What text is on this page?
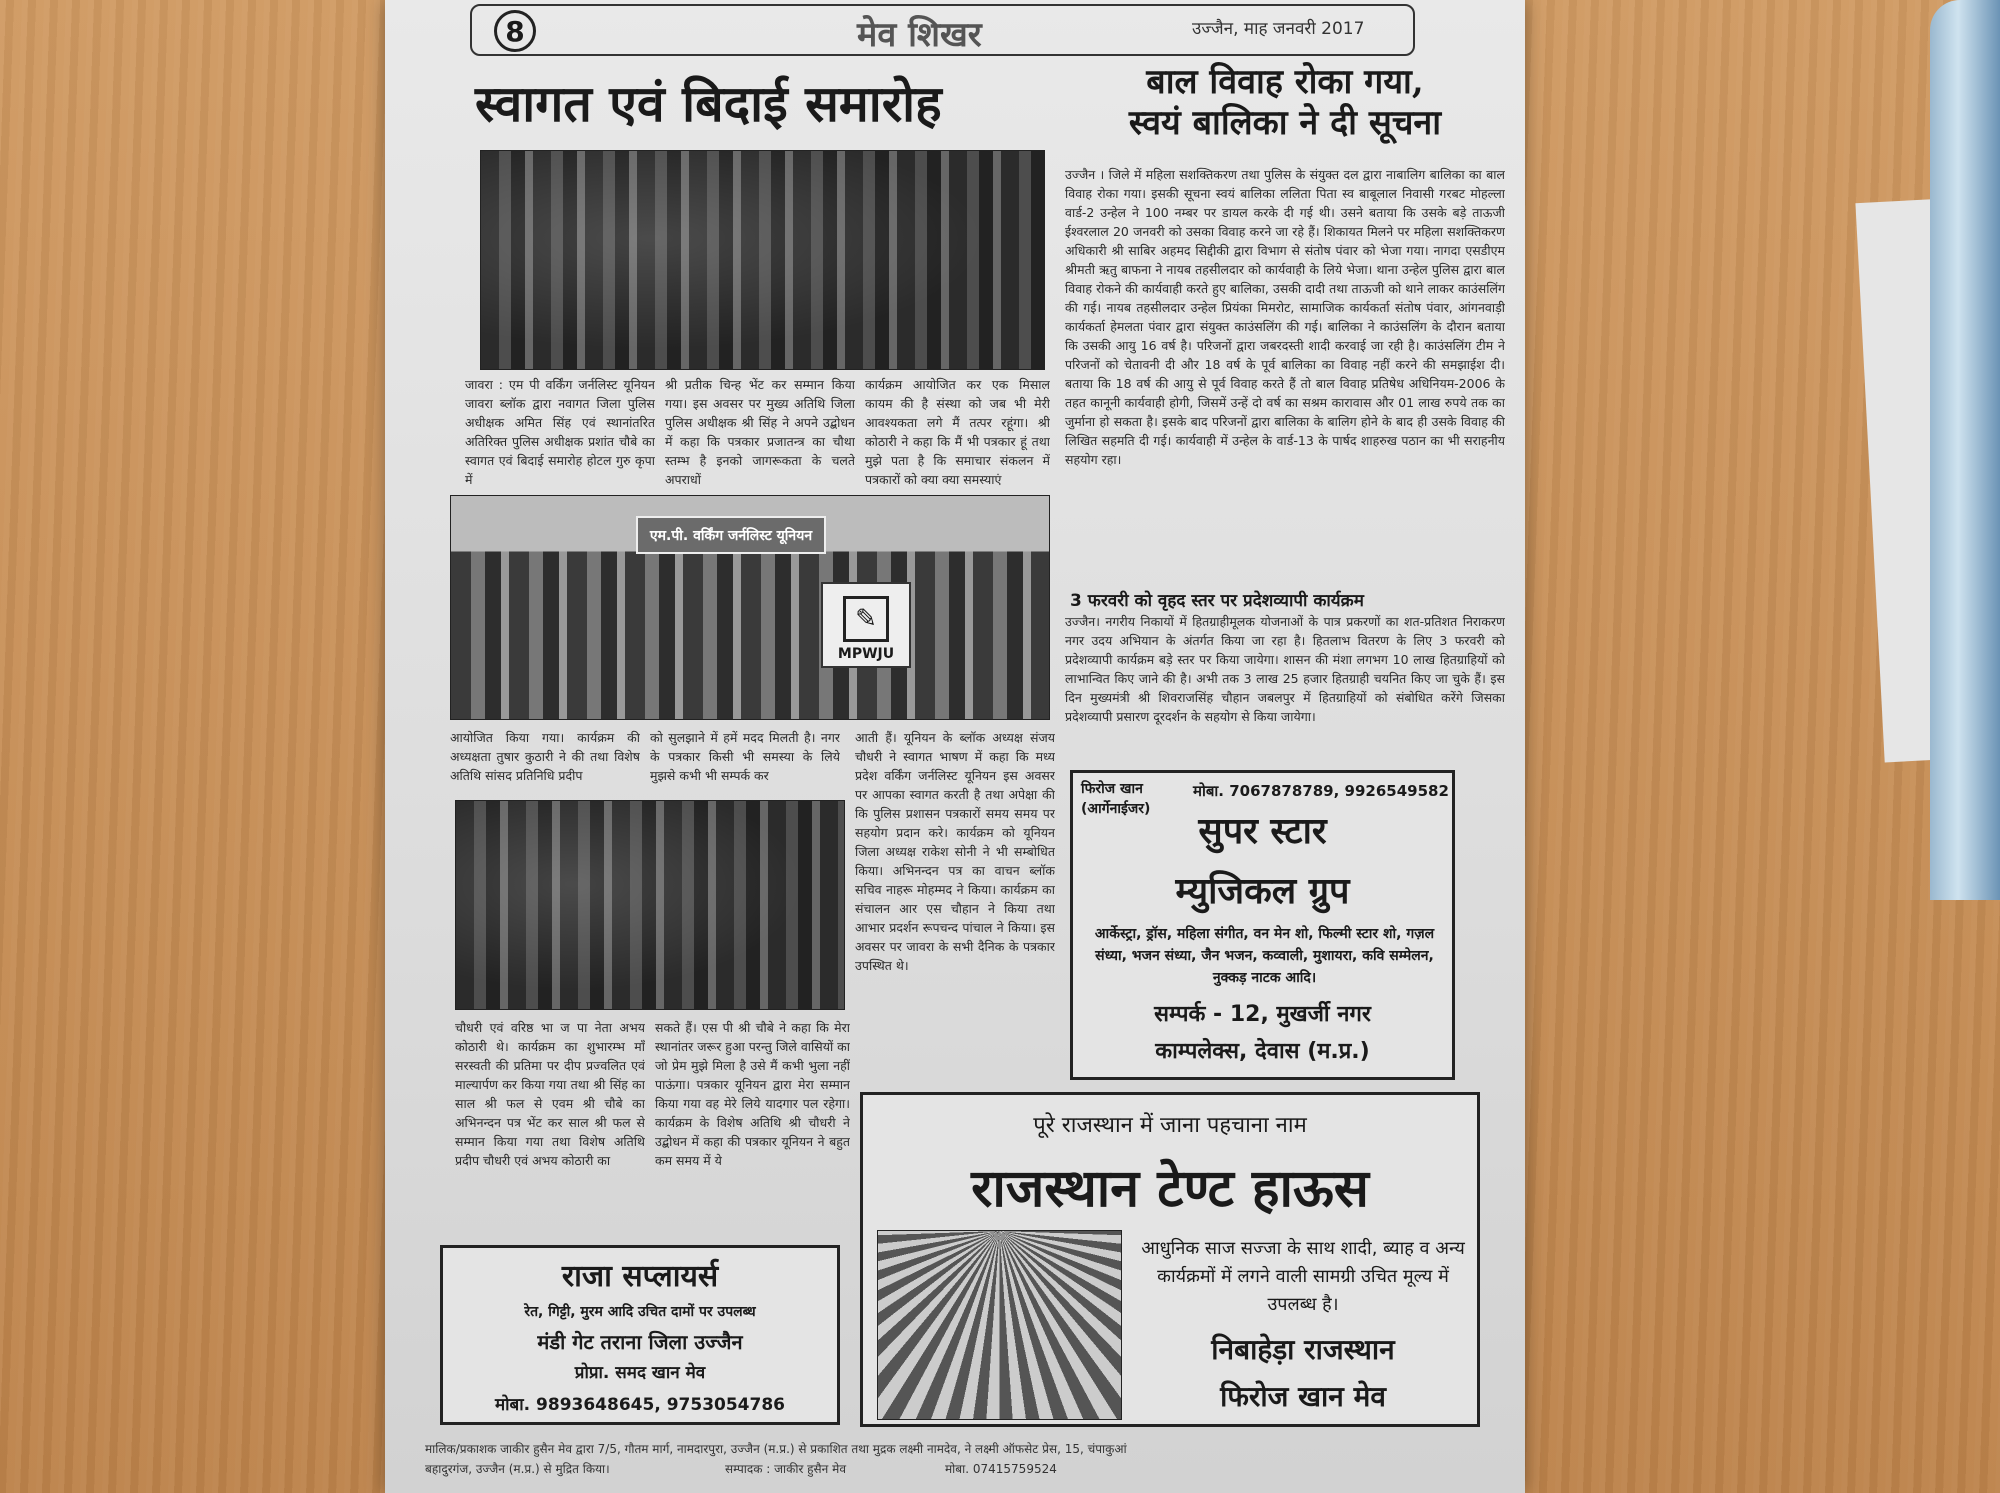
8	मेव शिखर	उज्जैन, माह जनवरी 2017
स्वागत एवं बिदाई समारोह
जावरा : एम पी वर्किंग जर्नलिस्ट यूनियन जावरा ब्लॉक द्वारा नवागत जिला पुलिस अधीक्षक अमित सिंह एवं स्थानांतरित अतिरिक्त पुलिस अधीक्षक प्रशांत चौबे का स्वागत एवं बिदाई समारोह होटल गुरु कृपा में
श्री प्रतीक चिन्ह भेंट कर सम्मान किया गया। इस अवसर पर मुख्य अतिथि जिला पुलिस अधीक्षक श्री सिंह ने अपने उद्बोधन में कहा कि पत्रकार प्रजातन्त्र का चौथा स्तम्भ है इनको जागरूकता के चलते अपराधों
कार्यक्रम आयोजित कर एक मिसाल कायम की है संस्था को जब भी मेरी आवश्यकता लगे मैं तत्पर रहूंगा। श्री कोठारी ने कहा कि मैं भी पत्रकार हूं तथा मुझे पता है कि समाचार संकलन में पत्रकारों को क्या क्या समस्याएं
एम.पी. वर्किंग जर्नलिस्ट यूनियन
✎
MPWJU
आयोजित किया गया। कार्यक्रम की अध्यक्षता तुषार कुठारी ने की तथा विशेष अतिथि सांसद प्रतिनिधि प्रदीप
को सुलझाने में हमें मदद मिलती है। नगर के पत्रकार किसी भी समस्या के लिये मुझसे कभी भी सम्पर्क कर
आती हैं। यूनियन के ब्लॉक अध्यक्ष संजय चौधरी ने स्वागत भाषण में कहा कि मध्य प्रदेश वर्किंग जर्नलिस्ट यूनियन इस अवसर पर आपका स्वागत करती है तथा अपेक्षा की कि पुलिस प्रशासन पत्रकारों समय समय पर सहयोग प्रदान करे। कार्यक्रम को यूनियन जिला अध्यक्ष राकेश सोनी ने भी सम्बोधित किया। अभिनन्दन पत्र का वाचन ब्लॉक सचिव नाहरू मोहम्मद ने किया। कार्यक्रम का संचालन आर एस चौहान ने किया तथा आभार प्रदर्शन रूपचन्द पांचाल ने किया। इस अवसर पर जावरा के सभी दैनिक के पत्रकार उपस्थित थे।
चौधरी एवं वरिष्ठ भा ज पा नेता अभय कोठारी थे। कार्यक्रम का शुभारम्भ माँ सरस्वती की प्रतिमा पर दीप प्रज्वलित एवं माल्यार्पण कर किया गया तथा श्री सिंह का साल श्री फल से एवम श्री चौबे का अभिनन्दन पत्र भेंट कर साल श्री फल से सम्मान किया गया तथा विशेष अतिथि प्रदीप चौधरी एवं अभय कोठारी का
सकते हैं। एस पी श्री चौबे ने कहा कि मेरा स्थानांतर जरूर हुआ परन्तु जिले वासियों का जो प्रेम मुझे मिला है उसे मैं कभी भुला नहीं पाऊंगा। पत्रकार यूनियन द्वारा मेरा सम्मान किया गया वह मेरे लिये यादगार पल रहेगा। कार्यक्रम के विशेष अतिथि श्री चौधरी ने उद्बोधन में कहा की पत्रकार यूनियन ने बहुत कम समय में ये
बाल विवाह रोका गया,
स्वयं बालिका ने दी सूचना
उज्जैन । जिले में महिला सशक्तिकरण तथा पुलिस के संयुक्त दल द्वारा नाबालिग बालिका का बाल विवाह रोका गया। इसकी सूचना स्वयं बालिका ललिता पिता स्व बाबूलाल निवासी गरबट मोहल्ला वार्ड-2 उन्हेल ने 100 नम्बर पर डायल करके दी गई थी। उसने बताया कि उसके बड़े ताऊजी ईश्वरलाल 20 जनवरी को उसका विवाह करने जा रहे हैं। शिकायत मिलने पर महिला सशक्तिकरण अधिकारी श्री साबिर अहमद सिद्दीकी द्वारा विभाग से संतोष पंवार को भेजा गया। नागदा एसडीएम श्रीमती ऋतु बाफना ने नायब तहसीलदार को कार्यवाही के लिये भेजा। थाना उन्हेल पुलिस द्वारा बाल विवाह रोकने की कार्यवाही करते हुए बालिका, उसकी दादी तथा ताऊजी को थाने लाकर काउंसलिंग की गई। नायब तहसीलदार उन्हेल प्रियंका मिमरोट, सामाजिक कार्यकर्ता संतोष पंवार, आंगनवाड़ी कार्यकर्ता हेमलता पंवार द्वारा संयुक्त काउंसलिंग की गई। बालिका ने काउंसलिंग के दौरान बताया कि उसकी आयु 16 वर्ष है। परिजनों द्वारा जबरदस्ती शादी करवाई जा रही है। काउंसलिंग टीम ने परिजनों को चेतावनी दी और 18 वर्ष के पूर्व बालिका का विवाह नहीं करने की समझाईश दी। बताया कि 18 वर्ष की आयु से पूर्व विवाह करते हैं तो बाल विवाह प्रतिषेध अधिनियम-2006 के तहत कानूनी कार्यवाही होगी, जिसमें उन्हें दो वर्ष का सश्रम कारावास और 01 लाख रुपये तक का जुर्माना हो सकता है। इसके बाद परिजनों द्वारा बालिका के बालिग होने के बाद ही उसके विवाह की लिखित सहमति दी गई। कार्यवाही में उन्हेल के वार्ड-13 के पार्षद शाहरुख पठान का भी सराहनीय सहयोग रहा।
3 फरवरी को वृहद स्तर पर प्रदेशव्यापी कार्यक्रम
उज्जैन। नगरीय निकायों में हितग्राहीमूलक योजनाओं के पात्र प्रकरणों का शत-प्रतिशत निराकरण नगर उदय अभियान के अंतर्गत किया जा रहा है। हितलाभ वितरण के लिए 3 फरवरी को प्रदेशव्यापी कार्यक्रम बड़े स्तर पर किया जायेगा। शासन की मंशा लगभग 10 लाख हितग्राहियों को लाभान्वित किए जाने की है। अभी तक 3 लाख 25 हजार हितग्राही चयनित किए जा चुके हैं। इस दिन मुख्यमंत्री श्री शिवराजसिंह चौहान जबलपुर में हितग्राहियों को संबोधित करेंगे जिसका प्रदेशव्यापी प्रसारण दूरदर्शन के सहयोग से किया जायेगा।
फिरोज खान
(आर्गेनाईजर)
मोबा. 7067878789, 9926549582
सुपर स्टार
म्युजिकल ग्रुप
आर्केस्ट्रा, ड्रॉस, महिला संगीत, वन मेन शो, फिल्मी स्टार शो, गज़ल संध्या, भजन संध्या, जैन भजन, कव्वाली, मुशायरा, कवि सम्मेलन, नुक्कड़ नाटक आदि।
सम्पर्क - 12, मुखर्जी नगर
काम्पलेक्स, देवास (म.प्र.)
पूरे राजस्थान में जाना पहचाना नाम
राजस्थान टेण्ट हाऊस
आधुनिक साज सज्जा के साथ शादी, ब्याह व अन्य कार्यक्रमों में लगने वाली सामग्री उचित मूल्य में उपलब्ध है।
निबाहेड़ा राजस्थान
फिरोज खान मेव
राजा सप्लायर्स
रेत, गिट्टी, मुरम आदि उचित दामों पर उपलब्ध
मंडी गेट तराना जिला उज्जैन
प्रोप्रा. समद खान मेव
मोबा. 9893648645, 9753054786
मालिक/प्रकाशक जाकीर हुसैन मेव द्वारा 7/5, गौतम मार्ग, नामदारपुरा, उज्जैन (म.प्र.) से प्रकाशित तथा मुद्रक लक्ष्मी नामदेव, ने लक्ष्मी ऑफसेट प्रेस, 15, चंपाकुआं
बहादुरगंज, उज्जैन (म.प्र.) से मुद्रित किया।	सम्पादक : जाकीर हुसैन मेव	मोबा. 07415759524
